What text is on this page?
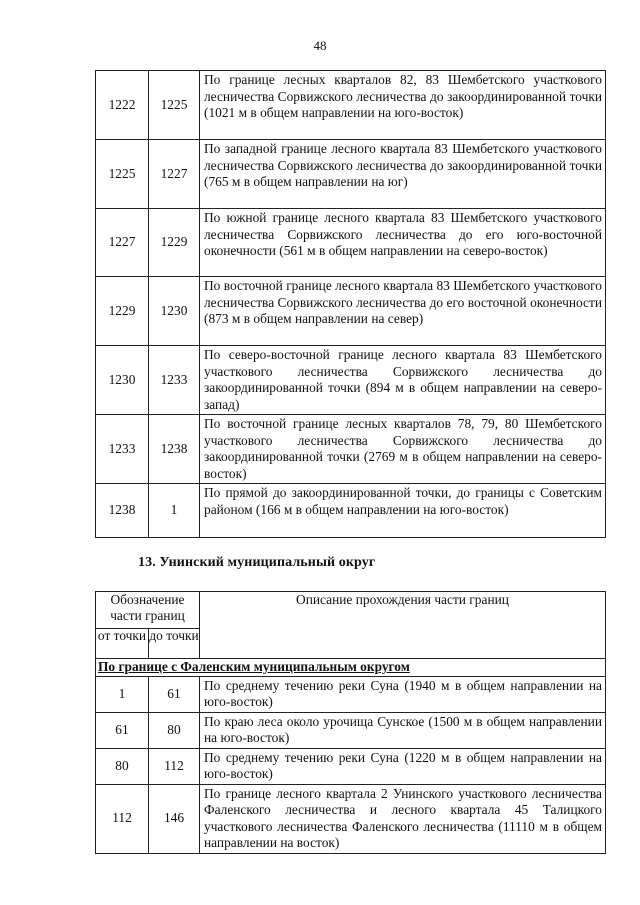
48
1222	1225	По границе лесных кварталов 82, 83 Шембетского участкового лесничества Сорвижского лесничества до закоординированной точки (1021 м в общем направлении на юго-восток)
1225	1227	По западной границе лесного квартала 83 Шембетского участкового лесничества Сорвижского лесничества до закоординированной точки (765 м в общем направлении на юг)
1227	1229	По южной границе лесного квартала 83 Шембетского участкового лесничества Сорвижского лесничества до его юго-восточной оконечности (561 м в общем направлении на северо-восток)
1229	1230	По восточной границе лесного квартала 83 Шембетского участкового лесничества Сорвижского лесничества до его восточной оконечности (873 м в общем направлении на север)
1230	1233	По северо-восточной границе лесного квартала 83 Шембетского участкового лесничества Сорвижского лесничества до закоординированной точки (894 м в общем направлении на северо-запад)
1233	1238	По восточной границе лесных кварталов 78, 79, 80 Шембетского участкового лесничества Сорвижского лесничества до закоординированной точки (2769 м в общем направлении на северо-восток)
1238	1	По прямой до закоординированной точки, до границы с Советским районом (166 м в общем направлении на юго-восток)
13. Унинский муниципальный округ
Обозначение части границ		Описание прохождения части границ
от точки	до точки	
По границе с Фаленским муниципальным округом		
1	61	По среднему течению реки Суна (1940 м в общем направлении на юго-восток)
61	80	По краю леса около урочища Сунское (1500 м в общем направлении на юго-восток)
80	112	По среднему течению реки Суна (1220 м в общем направлении на юго-восток)
112	146	По границе лесного квартала 2 Унинского участкового лесничества Фаленского лесничества и лесного квартала 45 Талицкого участкового лесничества Фаленского лесничества (11110 м в общем направлении на восток)
